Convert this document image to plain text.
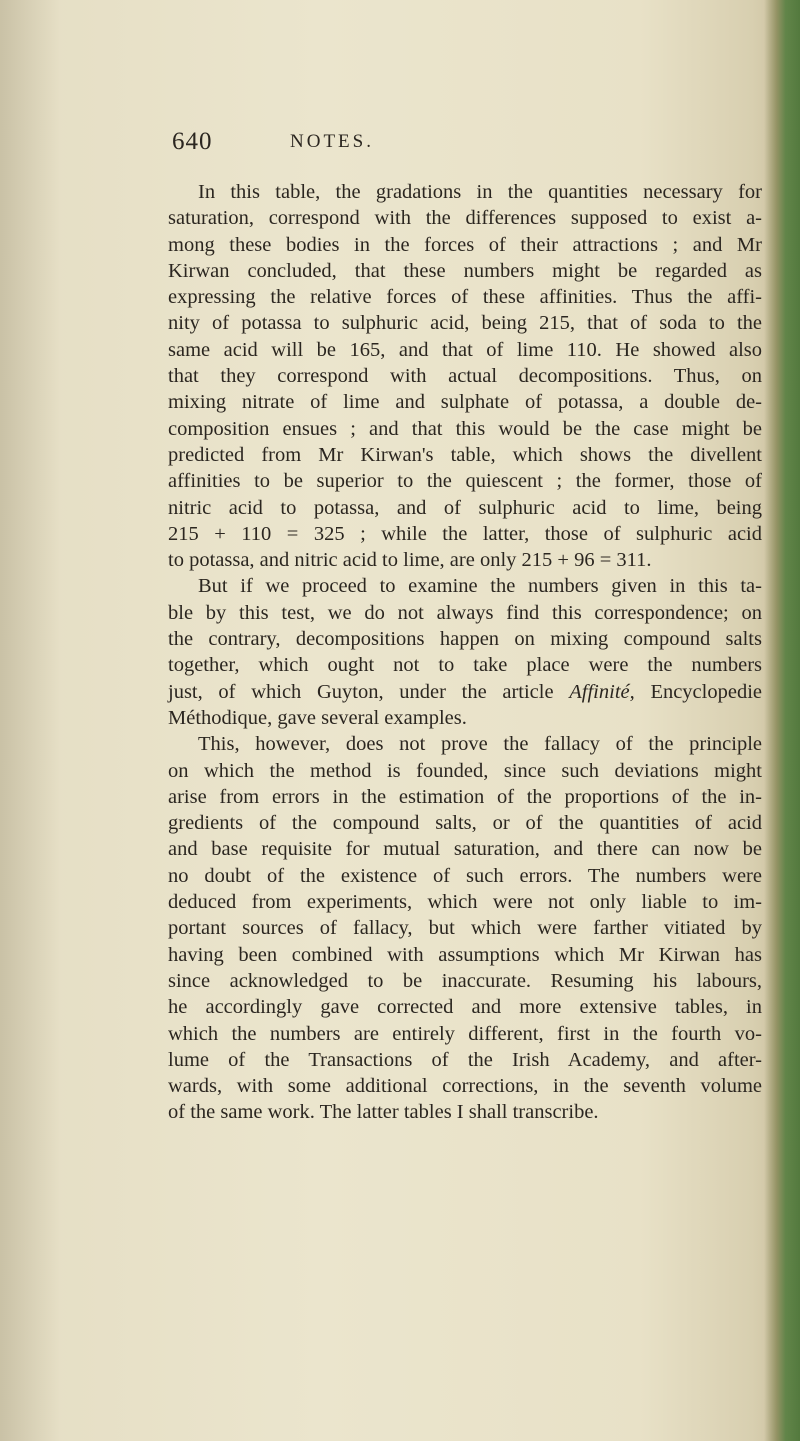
640	NOTES.
In this table, the gradations in the quantities necessary for
saturation, correspond with the differences supposed to exist a-
mong these bodies in the forces of their attractions ; and Mr
Kirwan concluded, that these numbers might be regarded as
expressing the relative forces of these affinities. Thus the affi-
nity of potassa to sulphuric acid, being 215, that of soda to the
same acid will be 165, and that of lime 110. He showed also
that they correspond with actual decompositions. Thus, on
mixing nitrate of lime and sulphate of potassa, a double de-
composition ensues ; and that this would be the case might be
predicted from Mr Kirwan's table, which shows the divellent
affinities to be superior to the quiescent ; the former, those of
nitric acid to potassa, and of sulphuric acid to lime, being
215 + 110 = 325 ; while the latter, those of sulphuric acid
to potassa, and nitric acid to lime, are only 215 + 96 = 311.
But if we proceed to examine the numbers given in this ta-
ble by this test, we do not always find this correspondence; on
the contrary, decompositions happen on mixing compound salts
together, which ought not to take place were the numbers
just, of which Guyton, under the article Affinité, Encyclopedie
Méthodique, gave several examples.
This, however, does not prove the fallacy of the principle
on which the method is founded, since such deviations might
arise from errors in the estimation of the proportions of the in-
gredients of the compound salts, or of the quantities of acid
and base requisite for mutual saturation, and there can now be
no doubt of the existence of such errors. The numbers were
deduced from experiments, which were not only liable to im-
portant sources of fallacy, but which were farther vitiated by
having been combined with assumptions which Mr Kirwan has
since acknowledged to be inaccurate. Resuming his labours,
he accordingly gave corrected and more extensive tables, in
which the numbers are entirely different, first in the fourth vo-
lume of the Transactions of the Irish Academy, and after-
wards, with some additional corrections, in the seventh volume
of the same work. The latter tables I shall transcribe.
